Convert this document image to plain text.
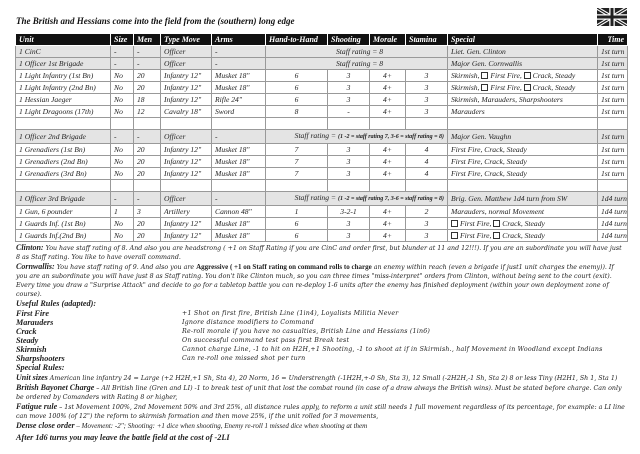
The British and Hessians come into the field from the (southern) long edge
Unit	Size	Men	Type Move	Arms	Hand-to-Hand	Shooting	Morale	Stamina	Special	Time
1 CinC	-	-	Officer	-	Staff rating = 8				Liet. Gen. Clinton	1st turn
1 Officer 1st Brigade	-	-	Officer	-	Staff rating = 8				Major Gen. Cornwallis	1st turn
1 Light Infantry (1st Bn)	No	20	Infantry 12"	Musket 18"	6	3	4+	3	Skirmish, First Fire, Crack, Steady	1st turn
1 Light Infantry (2nd Bn)	No	20	Infantry 12"	Musket 18"	6	3	4+	3	Skirmish, First Fire, Crack, Steady	1st turn
1 Hessian Jaeger	No	18	Infantry 12"	Rifle 24"	6	3	4+	3	Skirmish, Marauders, Sharpshooters	1st turn
1 Light Dragoons (17th)	No	12	Cavalry 18"	Sword	8	-	4+	3	Marauders	1st turn

1 Officer 2nd Brigade	-	-	Officer	-	Staff rating = (1 -2 = staff rating 7, 3-6 = staff rating = 8)				Major Gen. Vaughn	1st turn
1 Grenadiers (1st Bn)	No	20	Infantry 12"	Musket 18"	7	3	4+	4	First Fire, Crack, Steady	1st turn
1 Grenadiers (2nd Bn)	No	20	Infantry 12"	Musket 18"	7	3	4+	4	First Fire, Crack, Steady	1st turn
1 Grenadiers (3rd Bn)	No	20	Infantry 12"	Musket 18"	7	3	4+	4	First Fire, Crack, Steady	1st turn

1 Officer 3rd Brigade	-	-	Officer	-	Staff rating = (1 -2 = staff rating 7, 3-6 = staff rating = 8)				Brig. Gen. Matthew 1d4 turn from SW	1d4 turn
1 Gun, 6 pounder	1	3	Artillery	Cannon 48"	1	3-2-1	4+	2	Marauders, normal Movement	1d4 turn
1 Guards Inf. (1st Bn)	No	20	Infantry 12"	Musket 18"	6	3	4+	3	First Fire, Crack, Steady	1d4 turn
1 Guards Inf.(2nd Bn)	No	20	Infantry 12"	Musket 18"	6	3	4+	3	First Fire, Crack, Steady	1d4 turn
Clinton: You have staff rating of 8. And also you are headstrong ( +1 on Staff Rating if you are CinC and order first, but blunder at 11 and 12!!!). If you are an subordinate you will have just 8 as Staff rating. You like to have overall command.
Cornwallis: You have staff rating of 9. And also you are Aggressive ( +1 on Staff rating on command rolls to charge an enemy within reach (even a brigade if just1 unit charges the enemy)). If you are an subordinate you will have just 8 as Staff rating. You don't like Clinton much, so you can three times "miss-interpret" orders from Clinton, without being sent to the court (exit). Every time you draw a "Surprise Attack" and decide to go for a tabletop battle you can re-deploy 1-6 units after the enemy has finished deployment (within your own deployment zone of course).
Useful Rules (adapted):
First Fire	+1 Shot on first fire, British Line (1in4), Loyalists Militia Never
Marauders	Ignore distance modifiers to Command
Crack	Re-roll morale if you have no casualties, British Line and Hessians (1in6)
Steady	On successful command test pass first Break test
Skirmish	Cannot charge Line, -1 to hit on H2H,+1 Shooting, -1 to shoot at if in Skirmish., half Movement in Woodland except Indians
Sharpshooters	Can re-roll one missed shot per turn
Special Rules:
Unit sizes American line infantry 24 = Large (+2 H2H,+1 Sh, Sta 4), 20 Norm, 16 = Understrength (-1H2H,+-0 Sh, Sta 3), 12 Small (-2H2H,-1 Sh, Sta 2) 8 or less Tiny (H2H1, Sh 1, Sta 1)
British Bayonet Charge – All British line (Gren and LI) -1 to break test of unit that lost the combat round (in case of a draw always the British wins). Must be stated before charge. Can only be ordered by Comanders with Rating 8 or higher,
Fatigue rule – 1st Movement 100%, 2nd Movement 50% and 3rd 25%, all distance rules apply, to reform a unit still needs 1 full movement regardless of its percentage, for example: a LI line can move 100% (of 12") the reform to skirmish formation and then move 25%, if the unit rolled for 3 movements,
Dense close order – Movement: -2"; Shooting: +1 dice when shooting, Enemy re-roll 1 missed dice when shooting at them
After 1d6 turns you may leave the battle field at the cost of -2LI
